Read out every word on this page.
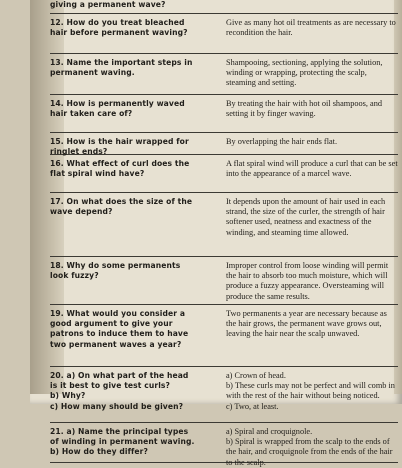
giving a permanent wave?
12. How do you treat bleached hair before permanent waving?
Give as many hot oil treatments as are necessary to recondition the hair.
13. Name the important steps in permanent waving.
Shampooing, sectioning, applying the solution, winding or wrapping, protecting the scalp, steaming and setting.
14. How is permanently waved hair taken care of?
By treating the hair with hot oil shampoos, and setting it by finger waving.
15. How is the hair wrapped for ringlet ends?
By overlapping the hair ends flat.
16. What effect of curl does the flat spiral wind have?
A flat spiral wind will produce a curl that can be set into the appearance of a marcel wave.
17. On what does the size of the wave depend?
It depends upon the amount of hair used in each strand, the size of the curler, the strength of hair softener used, neatness and exactness of the winding, and steaming time allowed.
18. Why do some permanents look fuzzy?
Improper control from loose winding will permit the hair to absorb too much moisture, which will produce a fuzzy appearance. Oversteaming will produce the same results.
19. What would you consider a good argument to give your patrons to induce them to have two permanent waves a year?
Two permanents a year are necessary because as the hair grows, the permanent wave grows out, leaving the hair near the scalp unwaved.
20. a) On what part of the head is it best to give test curls?
b) Why?
c) How many should be given?
a) Crown of head.
b) These curls may not be perfect and will comb in with the rest of the hair without being noticed.
c) Two, at least.
21. a) Name the principal types of winding in permanent waving.
b) How do they differ?
a) Spiral and croquignole.
b) Spiral is wrapped from the scalp to the ends of the hair, and croquignole from the ends of the hair to the scalp.
